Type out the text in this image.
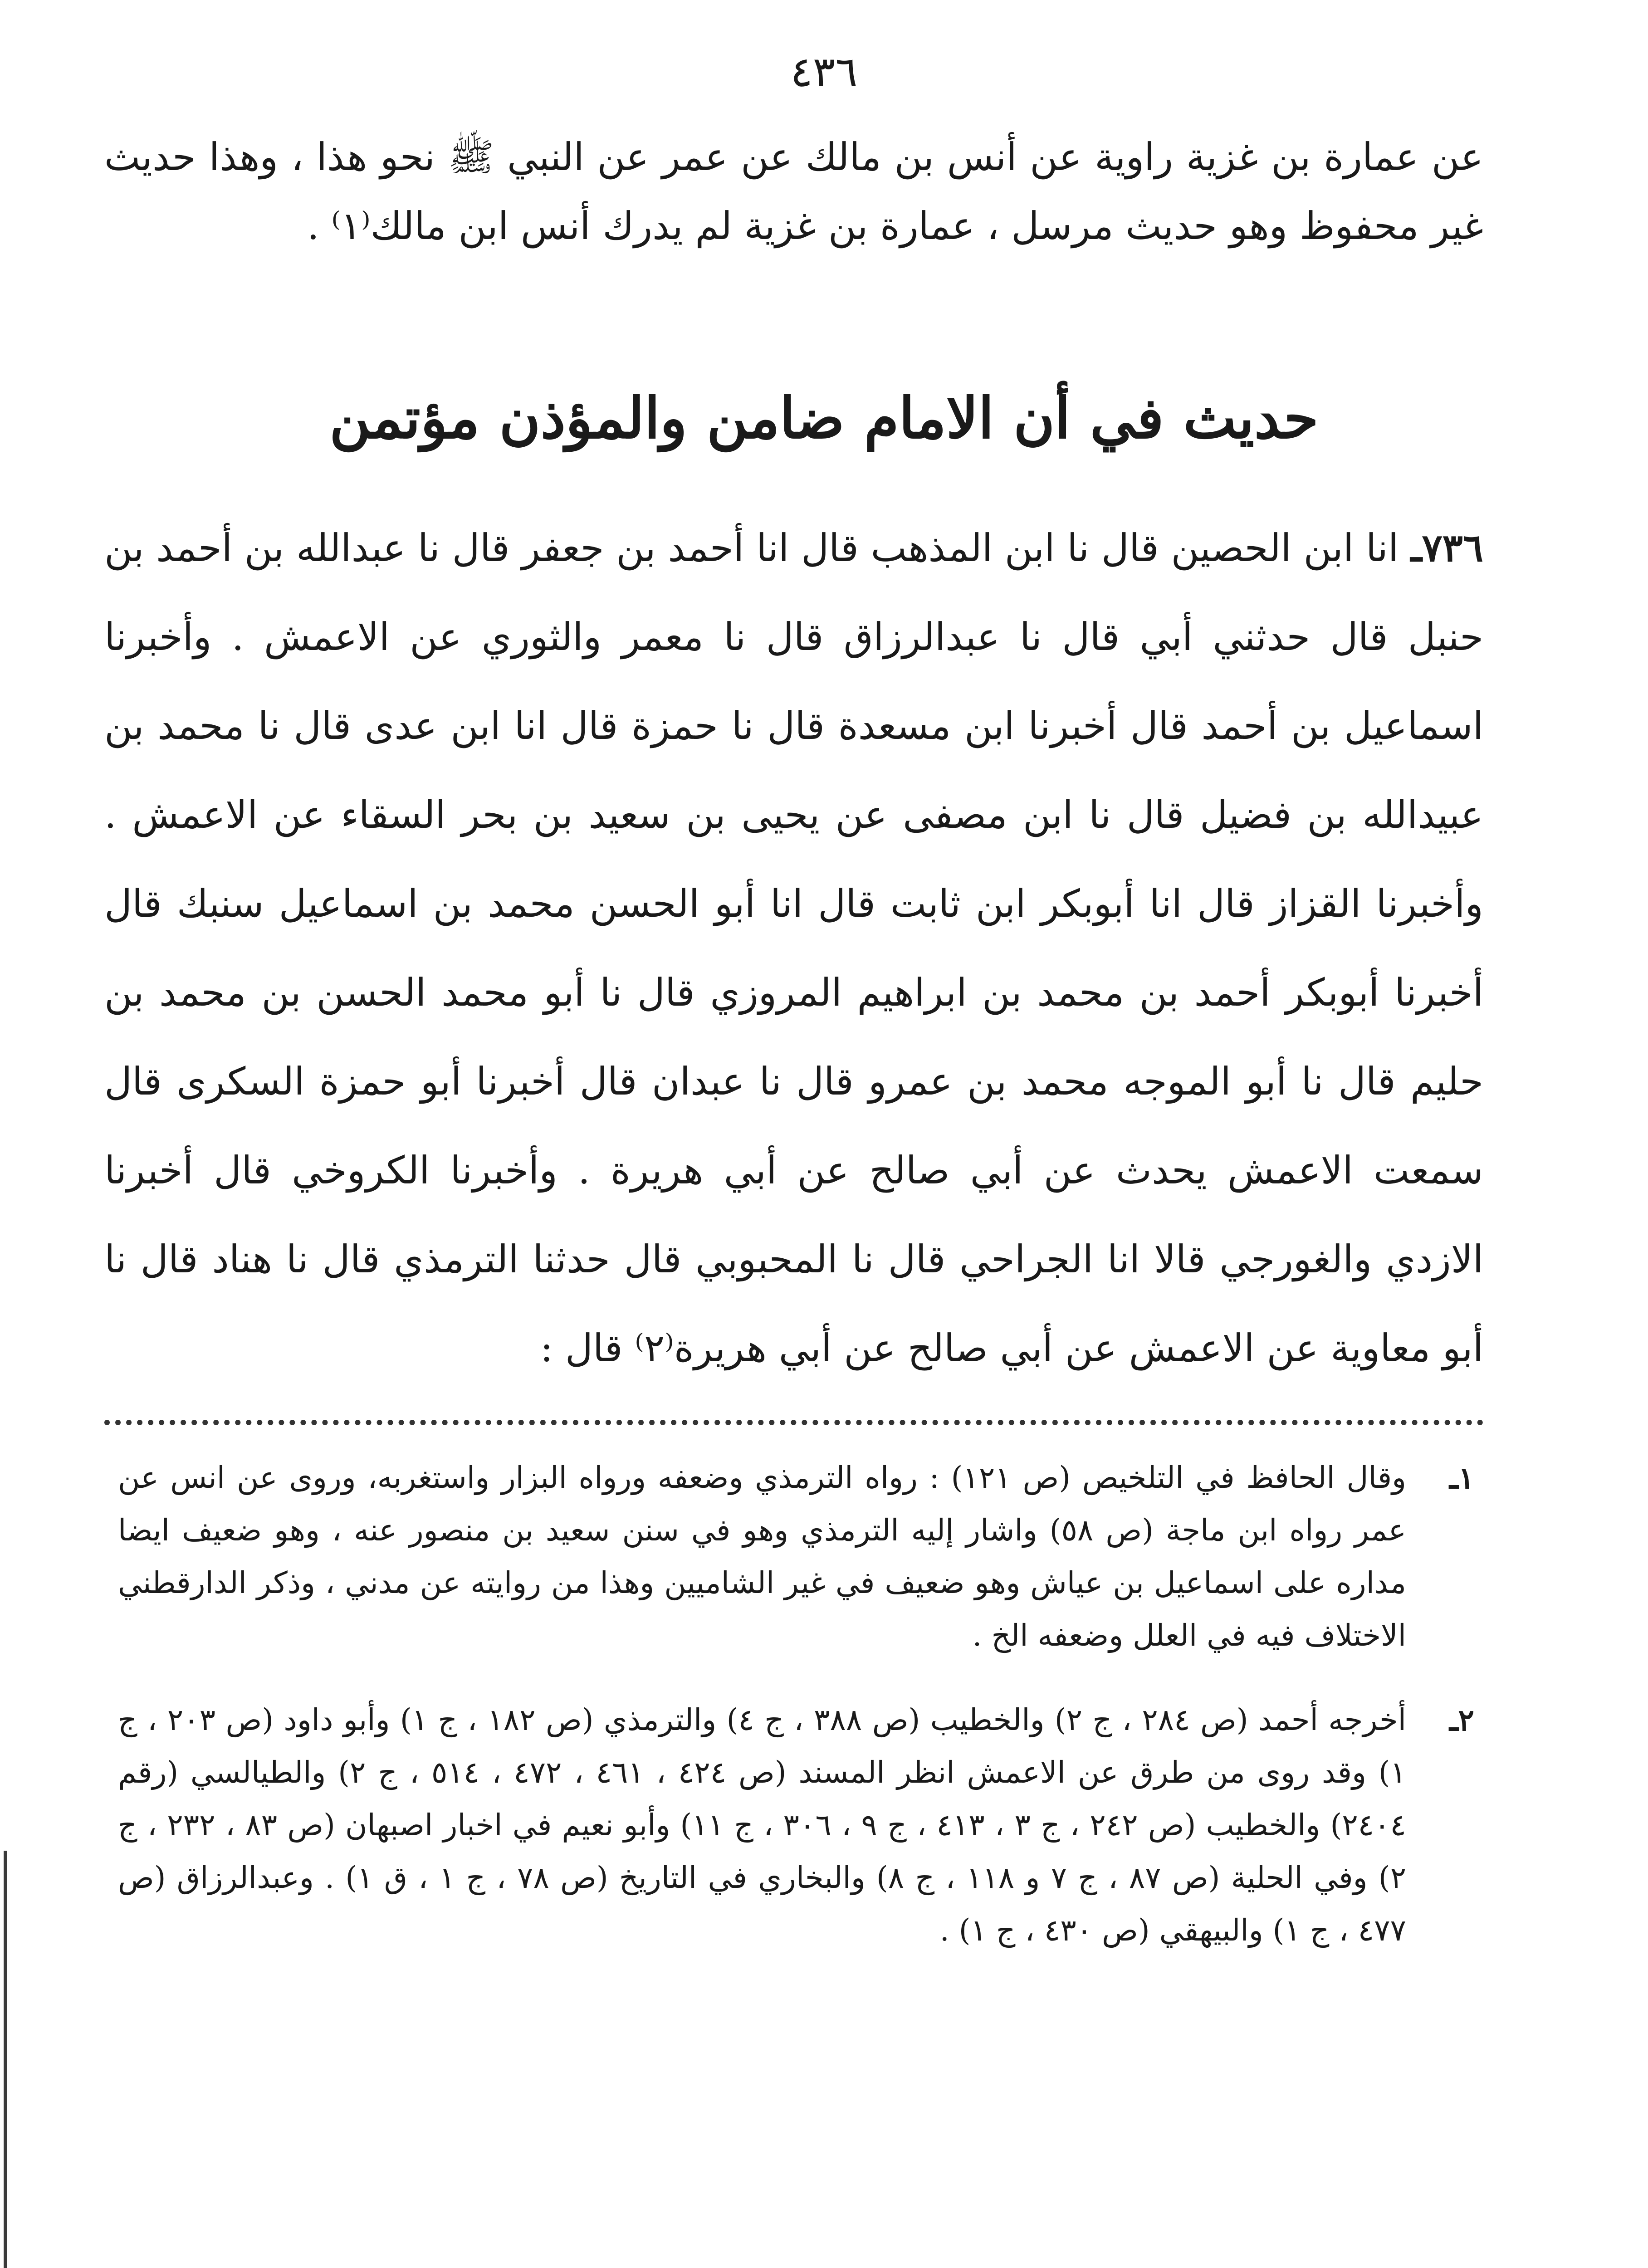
٤٣٦

عن عمارة بن غزية راوية عن أنس بن مالك عن عمر عن النبي ﷺ نحو هذا ، وهذا حديث غير محفوظ وهو حديث مرسل ، عمارة بن غزية لم يدرك أنس ابن مالك⁽١⁾ .

حديث في أن الامام ضامن والمؤذن مؤتمن

٧٣٦ـ انا ابن الحصين قال نا ابن المذهب قال انا أحمد بن جعفر قال نا عبدالله بن أحمد بن حنبل قال حدثني أبي قال نا عبدالرزاق قال نا معمر والثوري عن الاعمش . وأخبرنا اسماعيل بن أحمد قال أخبرنا ابن مسعدة قال نا حمزة قال انا ابن عدى قال نا محمد بن عبيدالله بن فضيل قال نا ابن مصفى عن يحيى بن سعيد بن بحر السقاء عن الاعمش . وأخبرنا القزاز قال انا أبوبكر ابن ثابت قال انا أبو الحسن محمد بن اسماعيل سنبك قال أخبرنا أبوبكر أحمد بن محمد بن ابراهيم المروزي قال نا أبو محمد الحسن بن محمد بن حليم قال نا أبو الموجه محمد بن عمرو قال نا عبدان قال أخبرنا أبو حمزة السكرى قال سمعت الاعمش يحدث عن أبي صالح عن أبي هريرة . وأخبرنا الكروخي قال أخبرنا الازدي والغورجي قالا انا الجراحي قال نا المحبوبي قال حدثنا الترمذي قال نا هناد قال نا أبو معاوية عن الاعمش عن أبي صالح عن أبي هريرة⁽٢⁾ قال :

١ـ
وقال الحافظ في التلخيص (ص ١٢١) : رواه الترمذي وضعفه ورواه البزار واستغربه، وروى عن انس عن عمر رواه ابن ماجة (ص ٥٨) واشار إليه الترمذي وهو في سنن سعيد بن منصور عنه ، وهو ضعيف ايضا مداره على اسماعيل بن عياش وهو ضعيف في غير الشاميين وهذا من روايته عن مدني ، وذكر الدارقطني الاختلاف فيه في العلل وضعفه الخ .
٢ـ
أخرجه أحمد (ص ٢٨٤ ، ج ٢) والخطيب (ص ٣٨٨ ، ج ٤) والترمذي (ص ١٨٢ ، ج ١) وأبو داود (ص ٢٠٣ ، ج ١) وقد روى من طرق عن الاعمش انظر المسند (ص ٤٢٤ ، ٤٦١ ، ٤٧٢ ، ٥١٤ ، ج ٢) والطيالسي (رقم ٢٤٠٤) والخطيب (ص ٢٤٢ ، ج ٣ ، ٤١٣ ، ج ٩ ، ٣٠٦ ، ج ١١) وأبو نعيم في اخبار اصبهان (ص ٨٣ ، ٢٣٢ ، ج ٢) وفي الحلية (ص ٨٧ ، ج ٧ و ١١٨ ، ج ٨) والبخاري في التاريخ (ص ٧٨ ، ج ١ ، ق ١) . وعبدالرزاق (ص ٤٧٧ ، ج ١) والبيهقي (ص ٤٣٠ ، ج ١) .
